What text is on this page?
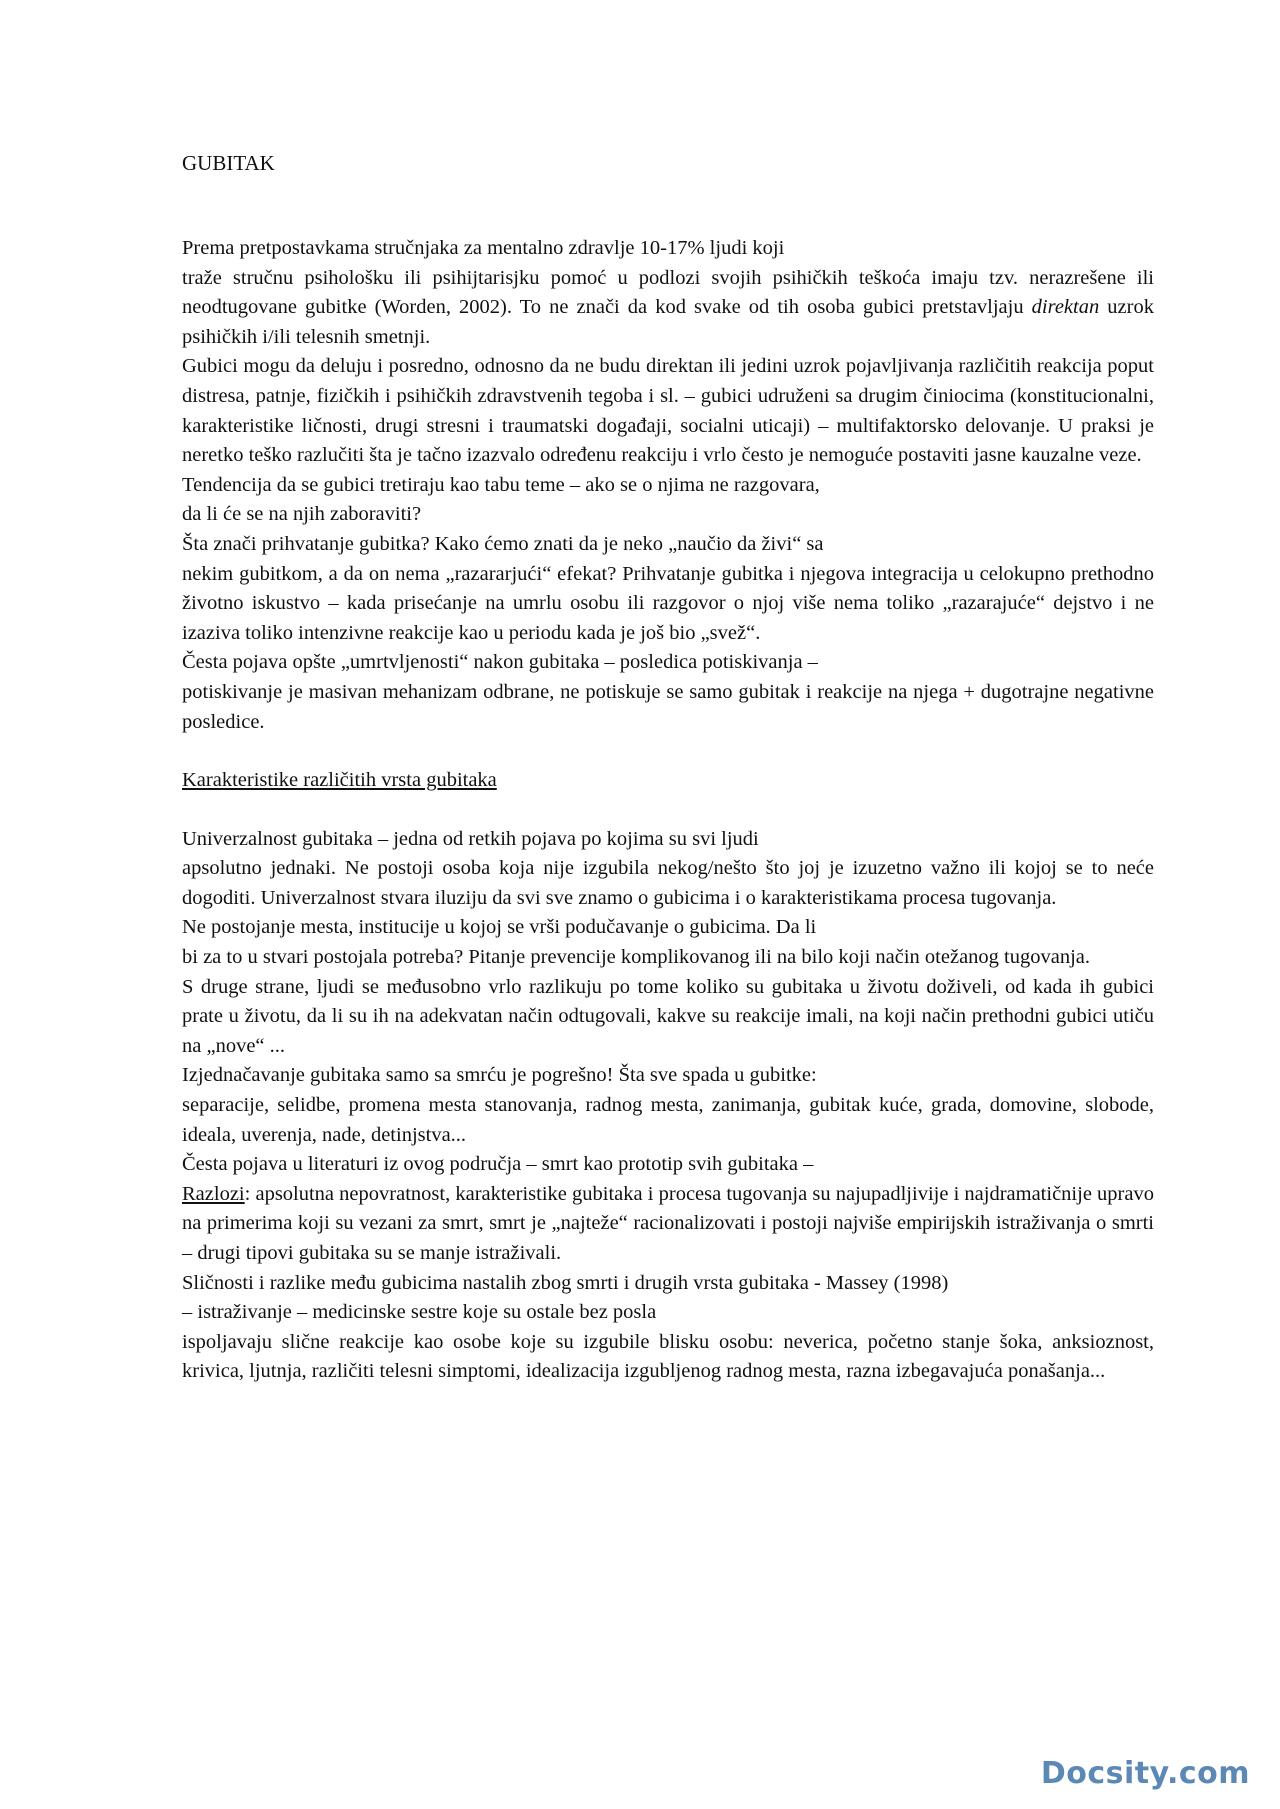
GUBITAK
Prema pretpostavkama stručnjaka za mentalno zdravlje 10-17% ljudi koji
traže stručnu psihološku ili psihijtarisjku pomoć u podlozi svojih psihičkih teškoća imaju tzv. nerazrešene ili neodtugovane gubitke (Worden, 2002). To ne znači da kod svake od tih osoba gubici pretstavljaju direktan uzrok psihičkih i/ili telesnih smetnji.
Gubici mogu da deluju i posredno, odnosno da ne budu direktan ili jedini uzrok pojavljivanja različitih reakcija poput distresa, patnje, fizičkih i psihičkih zdravstvenih tegoba i sl. – gubici udruženi sa drugim činiocima (konstitucionalni, karakteristike ličnosti, drugi stresni i traumatski događaji, socialni uticaji) – multifaktorsko delovanje. U praksi je neretko teško razlučiti šta je tačno izazvalo određenu reakciju i vrlo često je nemoguće postaviti jasne kauzalne veze.
Tendencija da se gubici tretiraju kao tabu teme – ako se o njima ne razgovara,
da li će se na njih zaboraviti?
Šta znači prihvatanje gubitka? Kako ćemo znati da je neko „naučio da živi“ sa
nekim gubitkom, a da on nema „razararjući“ efekat? Prihvatanje gubitka i njegova integracija u celokupno prethodno životno iskustvo – kada prisećanje na umrlu osobu ili razgovor o njoj više nema toliko „razarajuće“ dejstvo i ne izaziva toliko intenzivne reakcije kao u periodu kada je još bio „svež“.
Česta pojava opšte „umrtvljenosti“ nakon gubitaka – posledica potiskivanja –
potiskivanje je masivan mehanizam odbrane, ne potiskuje se samo gubitak i reakcije na njega + dugotrajne negativne posledice.
Karakteristike različitih vrsta gubitaka
Univerzalnost gubitaka – jedna od retkih pojava po kojima su svi ljudi
apsolutno jednaki. Ne postoji osoba koja nije izgubila nekog/nešto što joj je izuzetno važno ili kojoj se to neće dogoditi. Univerzalnost stvara iluziju da svi sve znamo o gubicima i o karakteristikama procesa tugovanja.
Ne postojanje mesta, institucije u kojoj se vrši podučavanje o gubicima. Da li
bi za to u stvari postojala potreba? Pitanje prevencije komplikovanog ili na bilo koji način otežanog tugovanja.
S druge strane, ljudi se međusobno vrlo razlikuju po tome koliko su gubitaka u životu doživeli, od kada ih gubici prate u životu, da li su ih na adekvatan način odtugovali, kakve su reakcije imali, na koji način prethodni gubici utiču na „nove“ ...
Izjednačavanje gubitaka samo sa smrću je pogrešno! Šta sve spada u gubitke:
separacije, selidbe, promena mesta stanovanja, radnog mesta, zanimanja, gubitak kuće, grada, domovine, slobode, ideala, uverenja, nade, detinjstva...
Česta pojava u literaturi iz ovog područja – smrt kao prototip svih gubitaka –
Razlozi: apsolutna nepovratnost, karakteristike gubitaka i procesa tugovanja su najupadljivije i najdramatičnije upravo na primerima koji su vezani za smrt, smrt je „najteže“ racionalizovati i postoji najviše empirijskih istraživanja o smrti – drugi tipovi gubitaka su se manje istraživali.
Sličnosti i razlike među gubicima nastalih zbog smrti i drugih vrsta gubitaka - Massey (1998)
– istraživanje – medicinske sestre koje su ostale bez posla
ispoljavaju slične reakcije kao osobe koje su izgubile blisku osobu: neverica, početno stanje šoka, anksioznost, krivica, ljutnja, različiti telesni simptomi, idealizacija izgubljenog radnog mesta, razna izbegavajuća ponašanja...
Docsity.com
